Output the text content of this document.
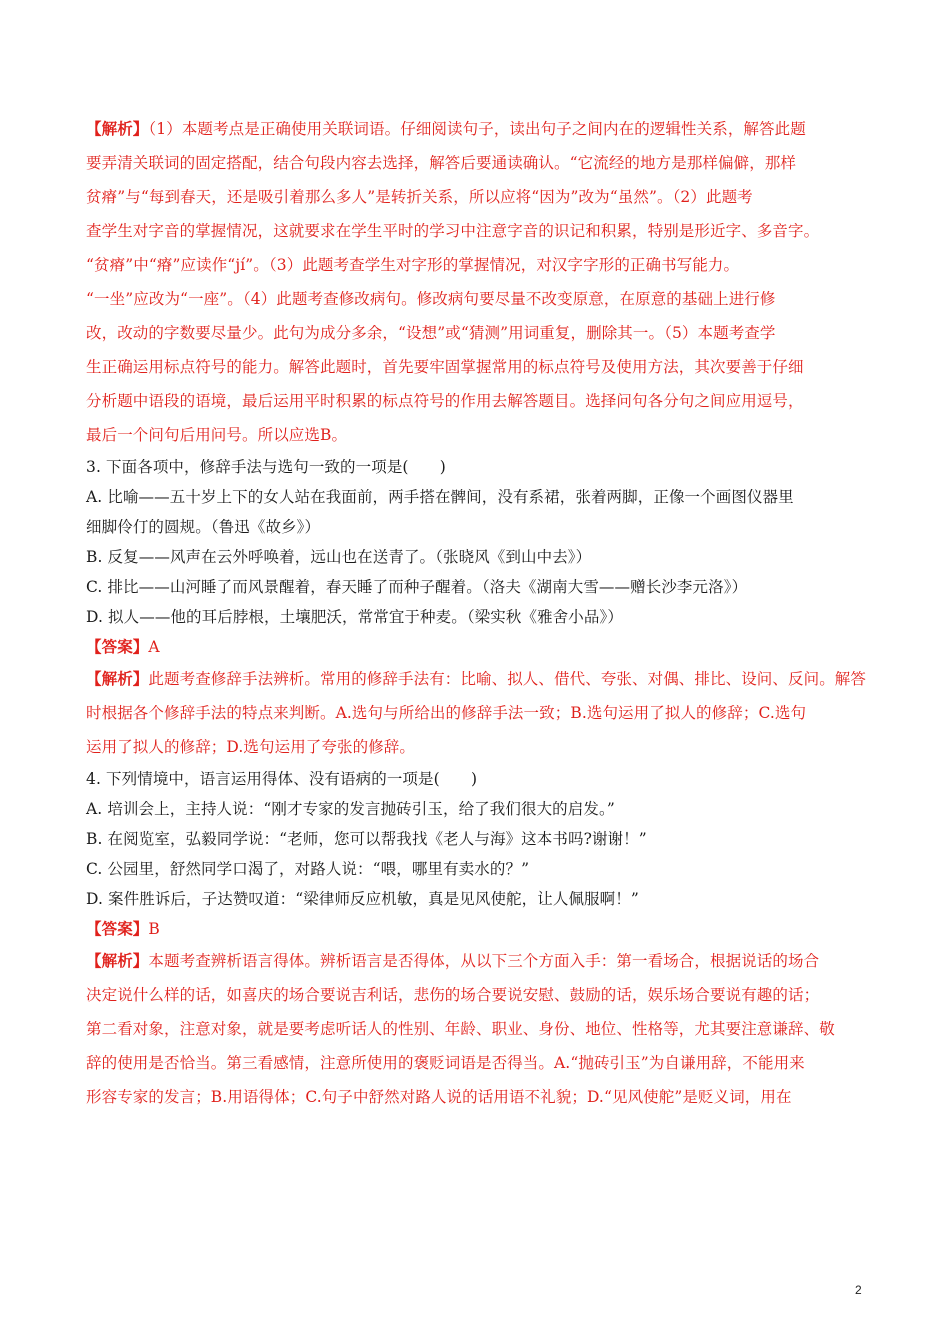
【解析】（1）本题考点是正确使用关联词语。仔细阅读句子，读出句子之间内在的逻辑性关系，解答此题
要弄清关联词的固定搭配，结合句段内容去选择，解答后要通读确认。“它流经的地方是那样偏僻，那样
贫瘠”与“每到春天，还是吸引着那么多人”是转折关系，所以应将“因为”改为“虽然”。（2）此题考
查学生对字音的掌握情况，这就要求在学生平时的学习中注意字音的识记和积累，特别是形近字、多音字。
“贫瘠”中“瘠”应读作“jí”。（3）此题考查学生对字形的掌握情况，对汉字字形的正确书写能力。
“一坐”应改为“一座”。（4）此题考查修改病句。修改病句要尽量不改变原意，在原意的基础上进行修
改，改动的字数要尽量少。此句为成分多余，“设想”或“猜测”用词重复，删除其一。（5）本题考查学
生正确运用标点符号的能力。解答此题时，首先要牢固掌握常用的标点符号及使用方法，其次要善于仔细
分析题中语段的语境，最后运用平时积累的标点符号的作用去解答题目。选择问句各分句之间应用逗号，
最后一个问句后用问号。所以应选B。
3. 下面各项中，修辞手法与选句一致的一项是(　　)
A. 比喻——五十岁上下的女人站在我面前，两手搭在髀间，没有系裙，张着两脚，正像一个画图仪器里
细脚伶仃的圆规。（鲁迅《故乡》）
B. 反复——风声在云外呼唤着，远山也在送青了。（张晓风《到山中去》）
C. 排比——山河睡了而风景醒着，春天睡了而种子醒着。（洛夫《湖南大雪——赠长沙李元洛》）
D. 拟人——他的耳后脖根，土壤肥沃，常常宜于种麦。（梁实秋《雅舍小品》）
【答案】A
【解析】此题考查修辞手法辨析。常用的修辞手法有：比喻、拟人、借代、夸张、对偶、排比、设问、反问。解答
时根据各个修辞手法的特点来判断。A.选句与所给出的修辞手法一致；B.选句运用了拟人的修辞；C.选句
运用了拟人的修辞；D.选句运用了夸张的修辞。
4. 下列情境中，语言运用得体、没有语病的一项是(　　)
A. 培训会上，主持人说：“刚才专家的发言抛砖引玉，给了我们很大的启发。”
B. 在阅览室，弘毅同学说：“老师，您可以帮我找《老人与海》这本书吗?谢谢！”
C. 公园里，舒然同学口渴了，对路人说：“喂，哪里有卖水的？”
D. 案件胜诉后，子达赞叹道：“梁律师反应机敏，真是见风使舵，让人佩服啊！”
【答案】B
【解析】本题考查辨析语言得体。辨析语言是否得体，从以下三个方面入手：第一看场合，根据说话的场合
决定说什么样的话，如喜庆的场合要说吉利话，悲伤的场合要说安慰、鼓励的话，娱乐场合要说有趣的话；
第二看对象，注意对象，就是要考虑听话人的性别、年龄、职业、身份、地位、性格等，尤其要注意谦辞、敬
辞的使用是否恰当。第三看感情，注意所使用的褒贬词语是否得当。A.“抛砖引玉”为自谦用辞，不能用来
形容专家的发言；B.用语得体；C.句子中舒然对路人说的话用语不礼貌；D.“见风使舵”是贬义词，用在
2
